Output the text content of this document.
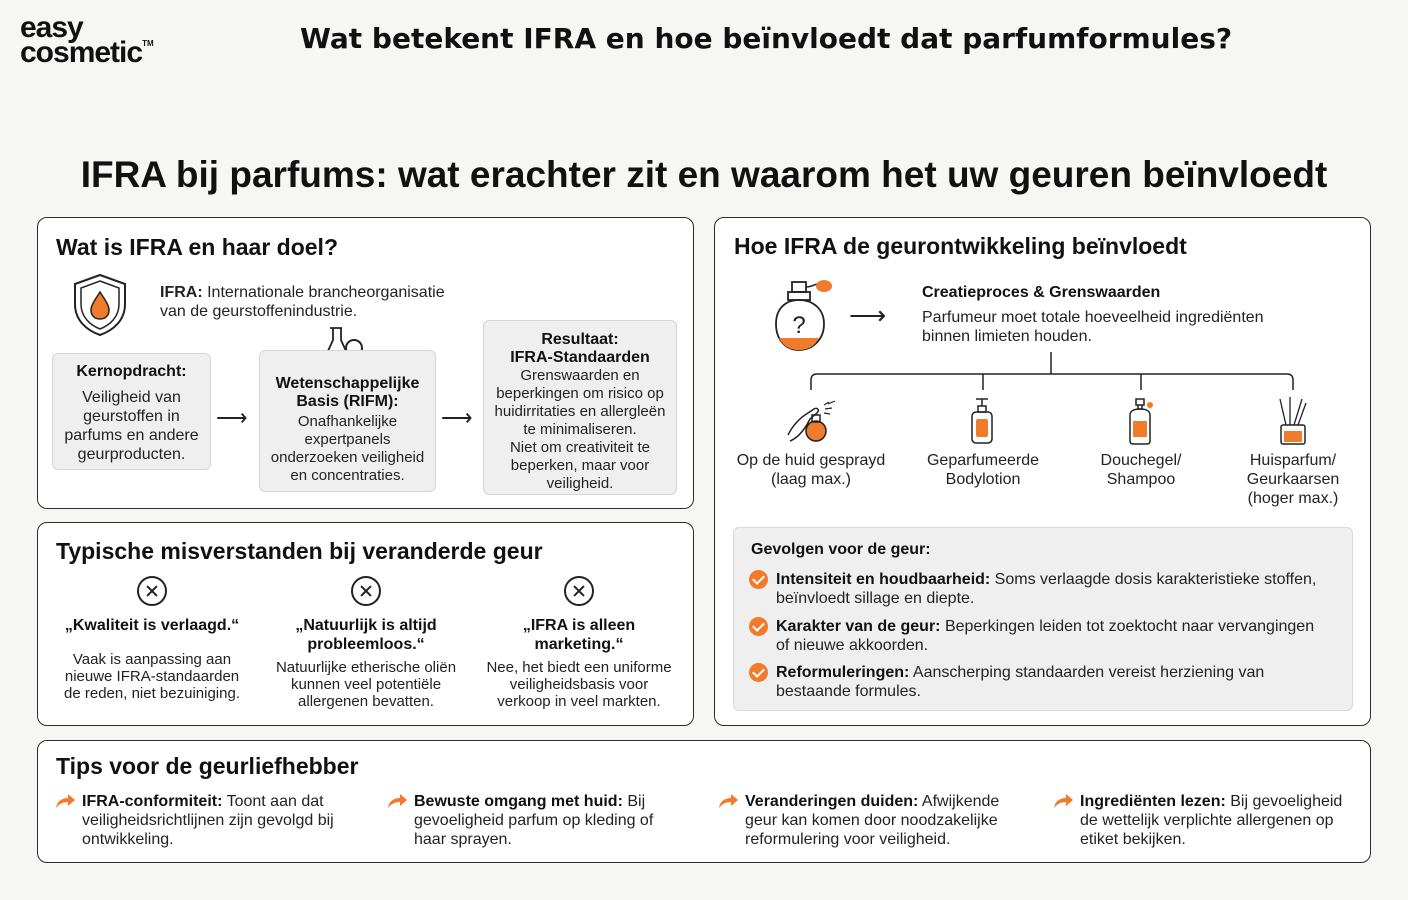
easy
cosmetic™	Wat betekent IFRA en hoe beïnvloedt dat parfumformules?
IFRA bij parfums: wat erachter zit en waarom het uw geuren beïnvloedt
Wat is IFRA en haar doel?
IFRA: Internationale brancheorganisatie
van de geurstoffenindustrie.
Kernopdracht:
Veiligheid van
geurstoffen in
parfums en andere
geurproducten.
⟶
Wetenschappelijke
Basis (RIFM):
Onafhankelijke
expertpanels
onderzoeken veiligheid
en concentraties.
⟶
Resultaat:
IFRA-Standaarden
Grenswaarden en
beperkingen om risico op
huidirritaties en allergleën
te minimaliseren.
Niet om creativiteit te
beperken, maar voor
veiligheid.
Typische misverstanden bij veranderde geur
„Kwaliteit is verlaagd.“
Vaak is aanpassing aan
nieuwe IFRA-standaarden
de reden, niet bezuiniging.
„Natuurlijk is altijd
probleemloos.“
Natuurlijke etherische oliën
kunnen veel potentiële
allergenen bevatten.
„IFRA is alleen
marketing.“
Nee, het biedt een uniforme
veiligheidsbasis voor
verkoop in veel markten.
Hoe IFRA de geurontwikkeling beïnvloedt
? ⟶
Creatieproces & Grenswaarden
Parfumeur moet totale hoeveelheid ingrediënten
binnen limieten houden.
Op de huid gesprayd
(laag max.)
Geparfumeerde
Bodylotion
Douchegel/
Shampoo
Huisparfum/
Geurkaarsen
(hoger max.)
Gevolgen voor de geur:
Intensiteit en houdbaarheid: Soms verlaagde dosis karakteristieke stoffen,
beïnvloedt sillage en diepte.
Karakter van de geur: Beperkingen leiden tot zoektocht naar vervangingen
of nieuwe akkoorden.
Reformuleringen: Aanscherping standaarden vereist herziening van
bestaande formules.
Tips voor de geurliefhebber
IFRA-conformiteit: Toont aan dat
veiligheidsrichtlijnen zijn gevolgd bij
ontwikkeling.
Bewuste omgang met huid: Bij
gevoeligheid parfum op kleding of
haar sprayen.
Veranderingen duiden: Afwijkende
geur kan komen door noodzakelijke
reformulering voor veiligheid.
Ingrediënten lezen: Bij gevoeligheid
de wettelijk verplichte allergenen op
etiket bekijken.
